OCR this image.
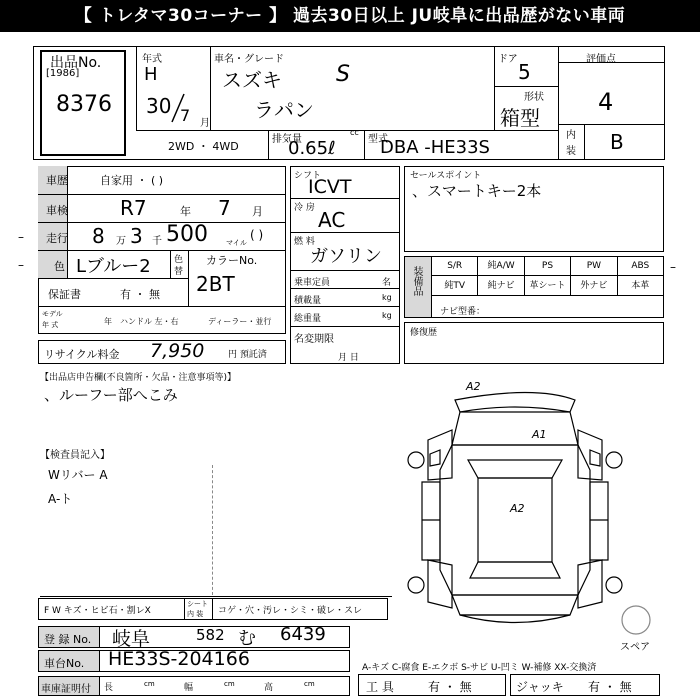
【 トレタマ30コーナー 】 過去30日以上 JU岐阜に出品歴がない車両
出品No.
[1986]
8376
年式
H
30 7 月
車名・グレード
スズキ S
ラパン
ドア
5
形状
箱型
評価点
4
内
装 B
2WD ・ 4WD
排気量
cc
0.65ℓ	型式
DBA -HE33S
車歴	自家用 ・ ( )
車検	R7	年 7 月
走行 8 万 3 千 500	マイル
( )
色 Lブルー2	色
替
カラーNo.
2BT
保証書	有 ・ 無
モデル
年 式	年 ハンドル 左・右	ディーラー・並行
リサイクル料金 7,950	円 預託済
シフト
ICVT
冷 房 AC
燃 料
ガソリン
乗車定員	名
積載量	kg
総重量	kg
名変期限
月 日
セールスポイント
、スマートキー2本
装備品	S/R	純A/W	PS	PW	ABS
純TV	純ナビ	革シート	外ナビ	本革
ナビ型番：
修復歴
–
–
–
【出品店申告欄(不良箇所・欠品・注意事項等)】
、ルーフー部へこみ
【検査員記入】
Wリバー A
A-ト
A2
A1
A2
スペア
F W キズ・ヒビ石・割レX
シート
内 装 コゲ・穴・汚レ・シミ・破レ・スレ
登 録 No. 岐阜	582 む 6439
車台No. HE33S-204166
車庫証明付 長	cm	幅	cm	高	cm
A-キズ C-腐食 E-エクボ S-サビ U-凹ミ W-補修 XX-交換済
工 具	有 ・ 無	ジャッキ 有 ・ 無
